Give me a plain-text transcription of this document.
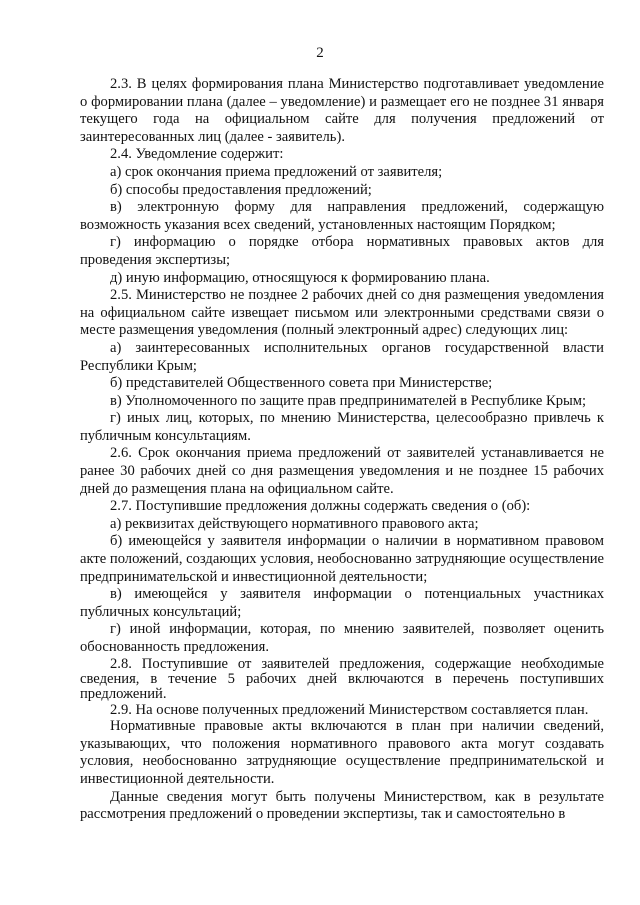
2

2.3. В целях формирования плана Министерство подготавливает уведомление о формировании плана (далее – уведомление) и размещает его не позднее 31 января текущего года на официальном сайте для получения предложений от заинтересованных лиц (далее - заявитель).

2.4. Уведомление содержит:

а) срок окончания приема предложений от заявителя;

б) способы предоставления предложений;

в) электронную форму для направления предложений, содержащую возможность указания всех сведений, установленных настоящим Порядком;

г) информацию о порядке отбора нормативных правовых актов для проведения экспертизы;

д) иную информацию, относящуюся к формированию плана.

2.5. Министерство не позднее 2 рабочих дней со дня размещения уведомления на официальном сайте извещает письмом или электронными средствами связи о месте размещения уведомления (полный электронный адрес) следующих лиц:

а) заинтересованных исполнительных органов государственной власти Республики Крым;

б) представителей Общественного совета при Министерстве;

в) Уполномоченного по защите прав предпринимателей в Республике Крым;

г) иных лиц, которых, по мнению Министерства, целесообразно привлечь к публичным консультациям.

2.6. Срок окончания приема предложений от заявителей устанавливается не ранее 30 рабочих дней со дня размещения уведомления и не позднее 15 рабочих дней до размещения плана на официальном сайте.

2.7. Поступившие предложения должны содержать сведения о (об):

а) реквизитах действующего нормативного правового акта;

б) имеющейся у заявителя информации о наличии в нормативном правовом акте положений, создающих условия, необоснованно затрудняющие осуществление предпринимательской и инвестиционной деятельности;

в) имеющейся у заявителя информации о потенциальных участниках публичных консультаций;

г) иной информации, которая, по мнению заявителей, позволяет оценить обоснованность предложения.

2.8. Поступившие от заявителей предложения, содержащие необходимые сведения, в течение 5 рабочих дней включаются в перечень поступивших предложений.

2.9. На основе полученных предложений Министерством составляется план.

Нормативные правовые акты включаются в план при наличии сведений, указывающих, что положения нормативного правового акта могут создавать условия, необоснованно затрудняющие осуществление предпринимательской и инвестиционной деятельности.

Данные сведения могут быть получены Министерством, как в результате рассмотрения предложений о проведении экспертизы, так и самостоятельно в
